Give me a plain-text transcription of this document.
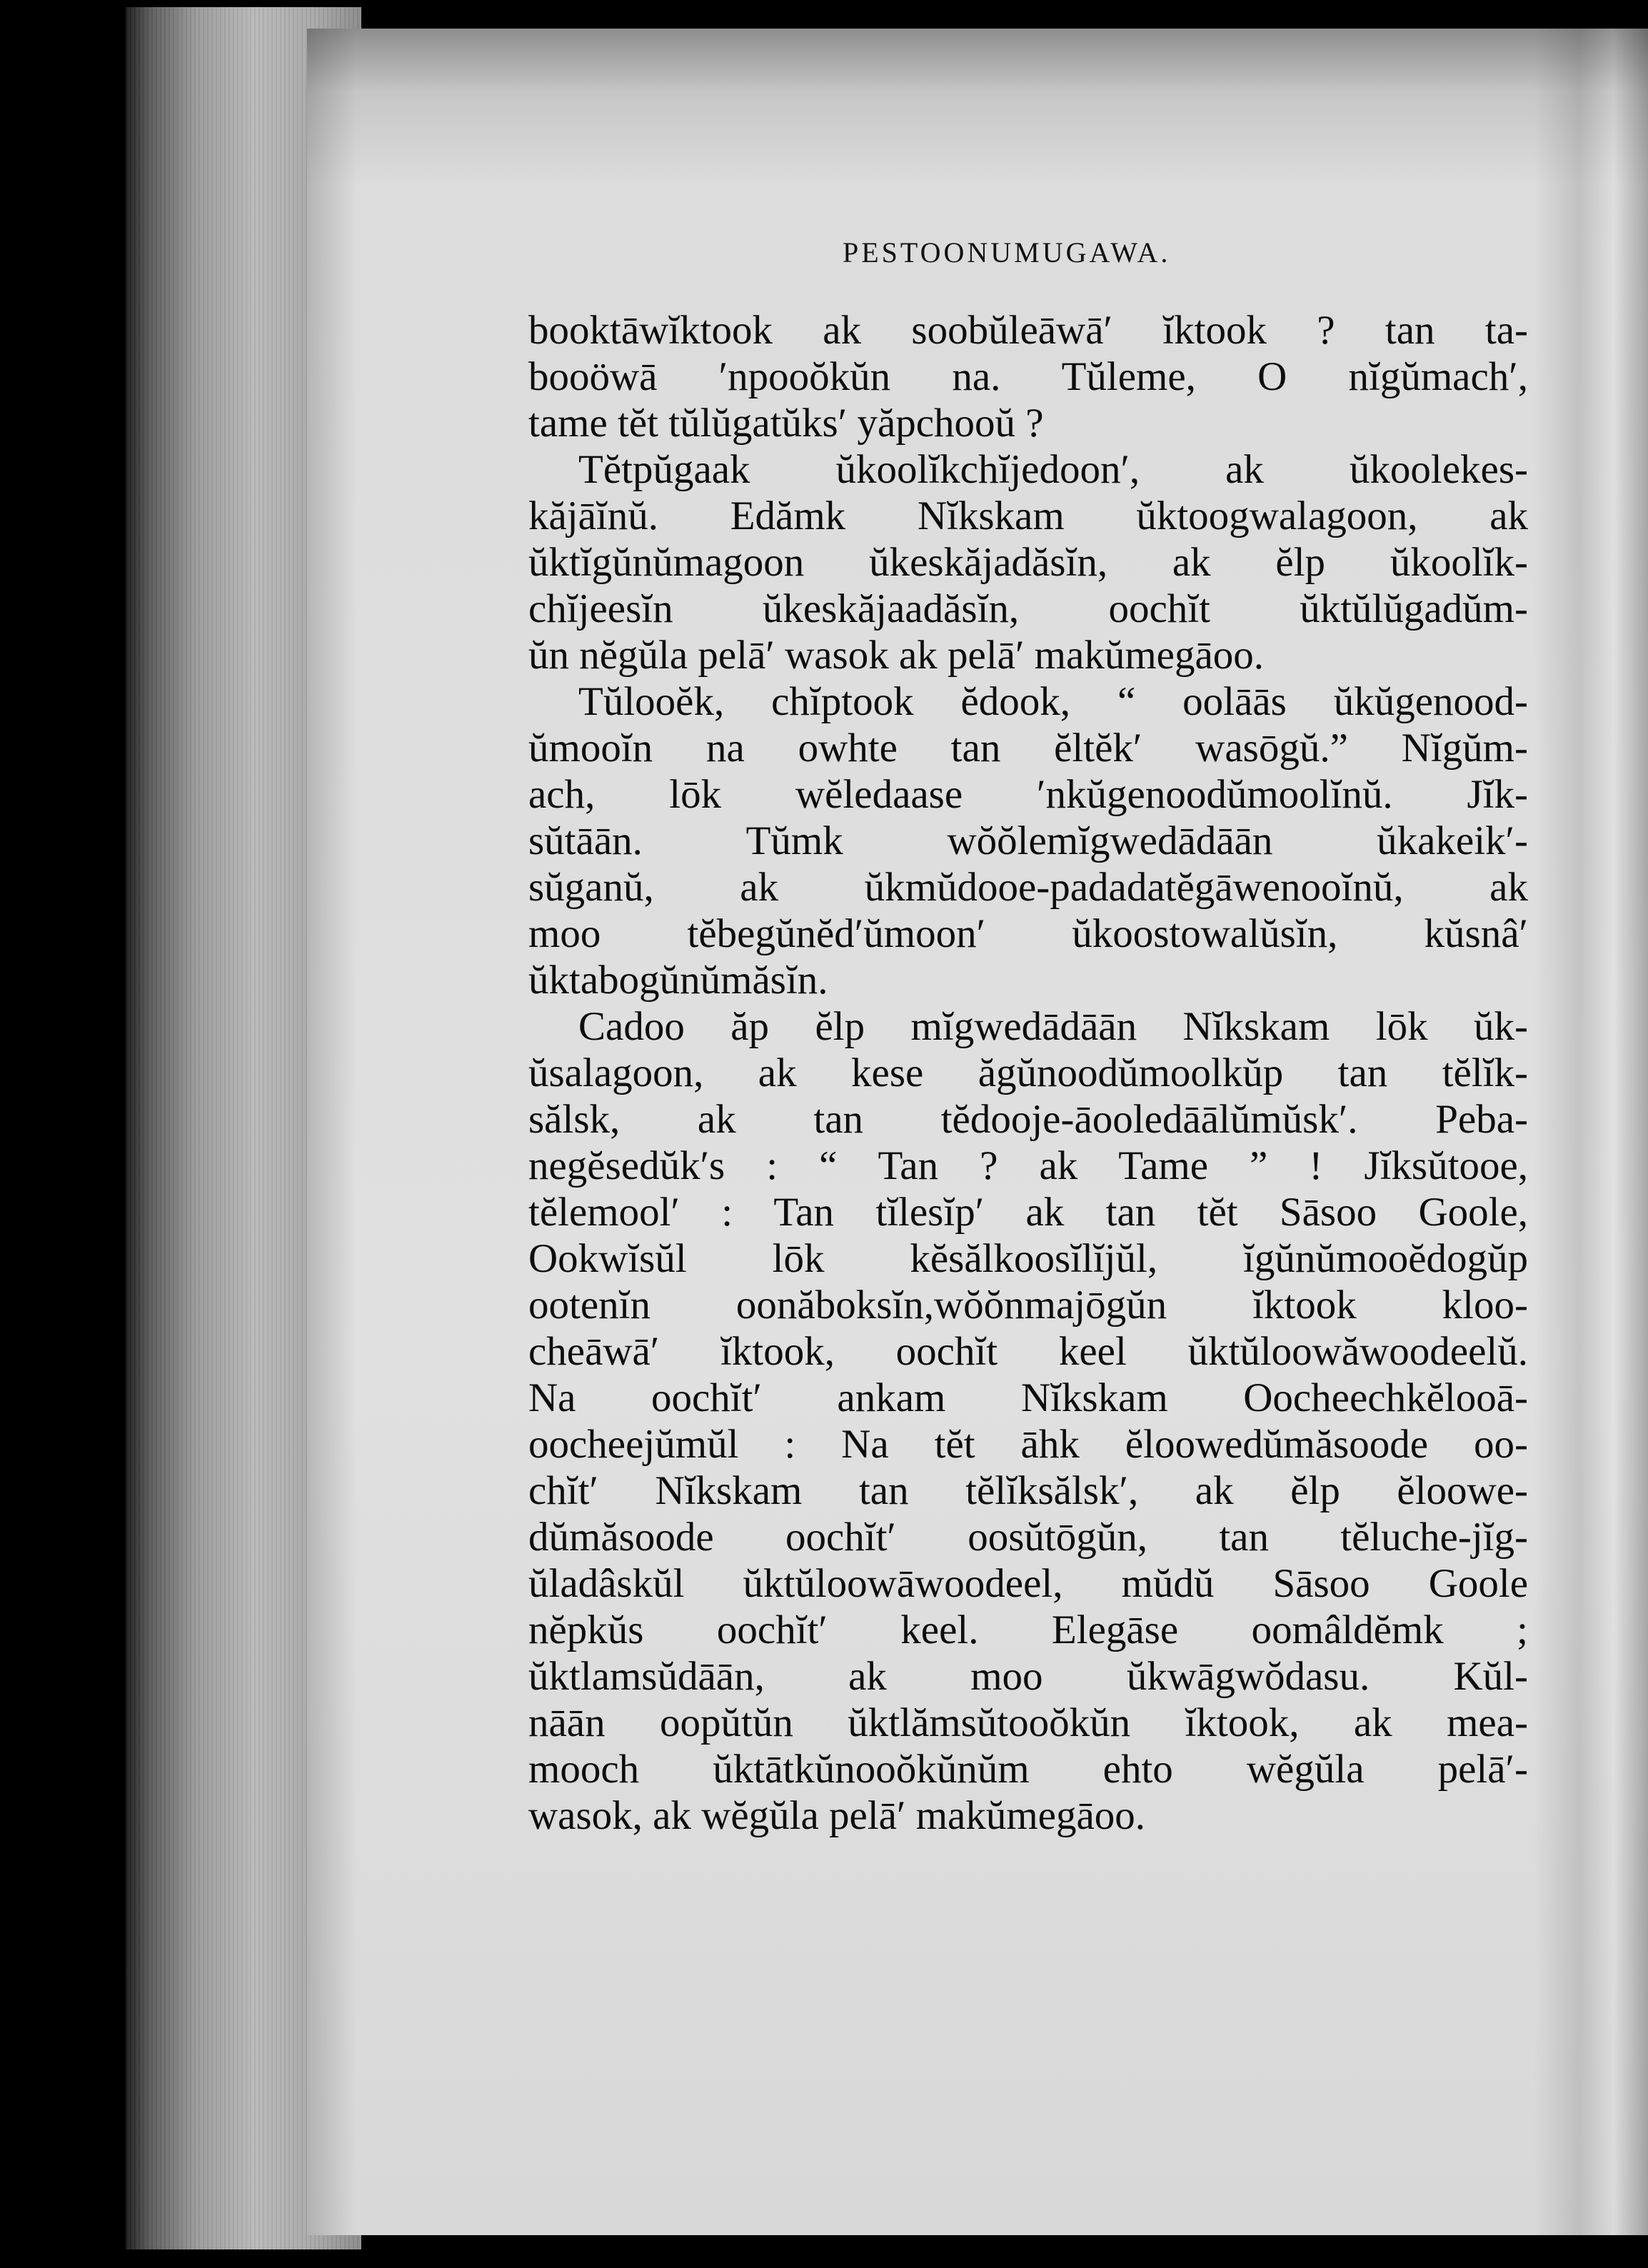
PESTOONUMUGAWA.
booktāwĭktook ak soobŭleāwā′ ĭktook ? tan ta-
booöwā ′npooŏkŭn na. Tŭleme, O nĭgŭmach′,
tame tĕt tŭlŭgatŭks′ yăpchooŭ ?
Tĕtpŭgaak ŭkoolĭkchĭjedoon′, ak ŭkoolekes-
kăjāĭnŭ. Edămk Nĭkskam ŭktoogwalagoon, ak
ŭktĭgŭnŭmagoon ŭkeskăjadăsĭn, ak ĕlp ŭkoolĭk-
chĭjeesĭn ŭkeskăjaadăsĭn, oochĭt ŭktŭlŭgadŭm-
ŭn nĕgŭla pelā′ wasok ak pelā′ makŭmegāoo.
Tŭlooĕk, chĭptook ĕdook, “ oolāās ŭkŭgenood-
ŭmooĭn na owhte tan ĕltĕk′ wasōgŭ.” Nĭgŭm-
ach, lōk wĕledaase ′nkŭgenoodŭmoolĭnŭ. Jĭk-
sŭtāān. Tŭmk wŏŏlemĭgwedādāān ŭkakeik′-
sŭganŭ, ak ŭkmŭdooe-padadatĕgāwenooĭnŭ, ak
moo tĕbegŭnĕd′ŭmoon′ ŭkoostowalŭsĭn, kŭsnâ′
ŭktabogŭnŭmăsĭn.
Cadoo ăp ĕlp mĭgwedādāān Nĭkskam lōk ŭk-
ŭsalagoon, ak kese ăgŭnoodŭmoolkŭp tan tĕlĭk-
sălsk, ak tan tĕdooje-āooledāālŭmŭsk′. Peba-
negĕsedŭk′s : “ Tan ? ak Tame ” ! Jĭksŭtooe,
tĕlemool′ : Tan tĭlesĭp′ ak tan tĕt Sāsoo Goole,
Ookwĭsŭl lōk kĕsălkoosĭlĭjŭl, ĭgŭnŭmooĕdogŭp
ootenĭn oonăboksĭn,wŏŏnmajōgŭn ĭktook kloo-
cheāwā′ ĭktook, oochĭt keel ŭktŭloowăwoodeelŭ.
Na oochĭt′ ankam Nĭkskam Oocheechkĕlooā-
oocheejŭmŭl : Na tĕt āhk ĕloowedŭmăsoode oo-
chĭt′ Nĭkskam tan tĕlĭksălsk′, ak ĕlp ĕloowe-
dŭmăsoode oochĭt′ oosŭtōgŭn, tan tĕluche-jĭg-
ŭladâskŭl ŭktŭloowāwoodeel, mŭdŭ Sāsoo Goole
nĕpkŭs oochĭt′ keel. Elegāse oomâldĕmk ;
ŭktlamsŭdāān, ak moo ŭkwāgwŏdasu. Kŭl-
nāān oopŭtŭn ŭktlămsŭtooŏkŭn ĭktook, ak mea-
mooch ŭktātkŭnooŏkŭnŭm ehto wĕgŭla pelā′-
wasok, ak wĕgŭla pelā′ makŭmegāoo.
